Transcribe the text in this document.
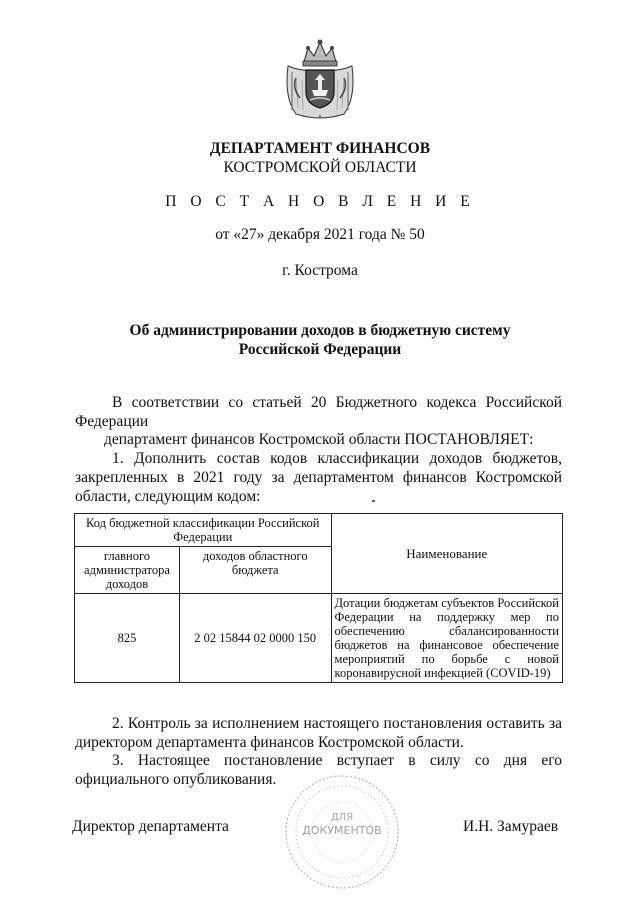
✦
ДЕПАРТАМЕНТ ФИНАНСОВ
КОСТРОМСКОЙ ОБЛАСТИ
П О С Т А Н О В Л Е Н И Е
от «27» декабря 2021 года № 50
г. Кострома
Об администрировании доходов в бюджетную систему
Российской Федерации
В соответствии со статьей 20 Бюджетного кодекса Российской Федерации
департамент финансов Костромской области ПОСТАНОВЛЯЕТ:
1. Дополнить состав кодов классификации доходов бюджетов, закрепленных в 2021 году за департаментом финансов Костромской области, следующим кодом:
Код бюджетной классификации Российской Федерации		Наименование
главного администратора доходов	доходов областного бюджета	
825	2 02 15844 02 0000 150	Дотации бюджетам субъектов Российской Федерации на поддержку мер по обеспечению сбалансированности бюджетов на финансовое обеспечение мероприятий по борьбе с новой коронавирусной инфекцией (COVID-19)
2. Контроль за исполнением настоящего постановления оставить за директором департамента финансов Костромской области.
3. Настоящее постановление вступает в силу со дня его официального опубликования.
ДЛЯ
ДОКУМЕНТОВ
Директор департамента	И.Н. Замураев
